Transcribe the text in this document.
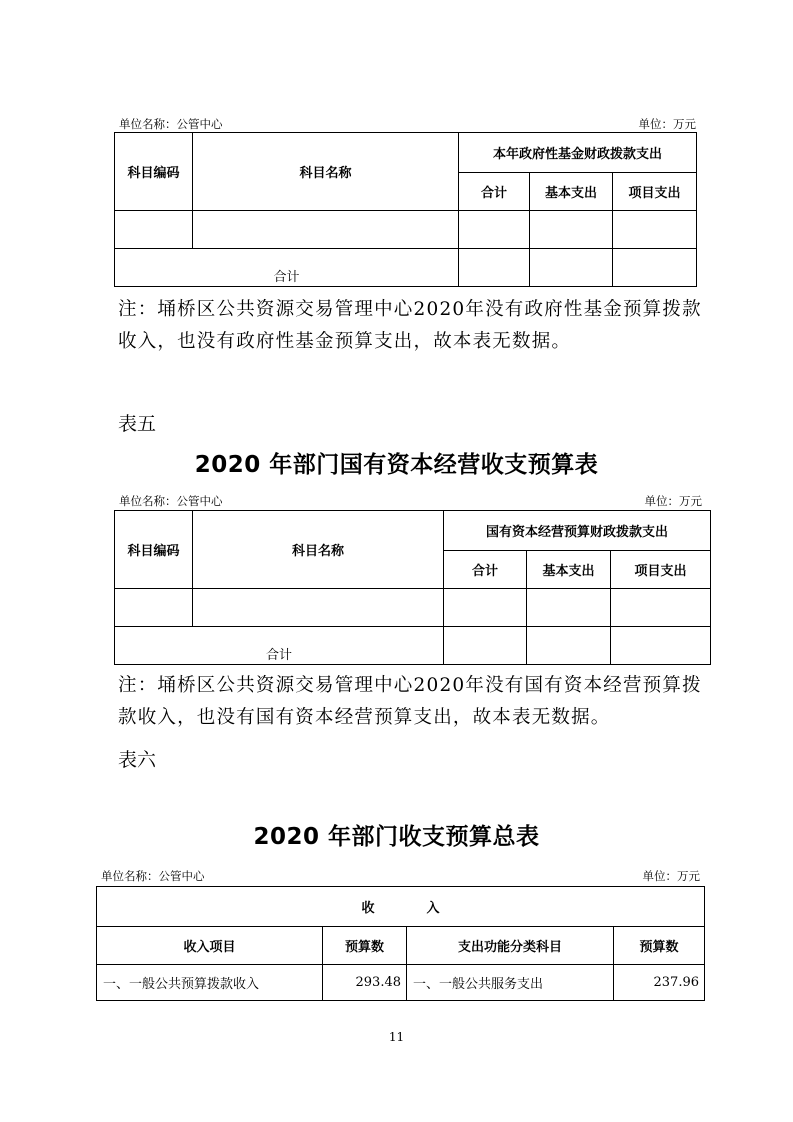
单位名称：公管中心	单位：万元
科目编码	科目名称	本年政府性基金财政拨款支出		
		合计	基本支出	项目支出

合计				
注：埇桥区公共资源交易管理中心2020年没有政府性基金预算拨款收入，也没有政府性基金预算支出，故本表无数据。
表五
2020 年部门国有资本经营收支预算表
单位名称：公管中心	单位：万元
科目编码	科目名称	国有资本经营预算财政拨款支出		
		合计	基本支出	项目支出

合计				
注：埇桥区公共资源交易管理中心2020年没有国有资本经营预算拨款收入，也没有国有资本经营预算支出，故本表无数据。
表六
2020 年部门收支预算总表
单位名称：公管中心	单位：万元
收　　　　入			
收入项目	预算数	支出功能分类科目	预算数
一、一般公共预算拨款收入	293.48	一、一般公共服务支出	237.96
11
